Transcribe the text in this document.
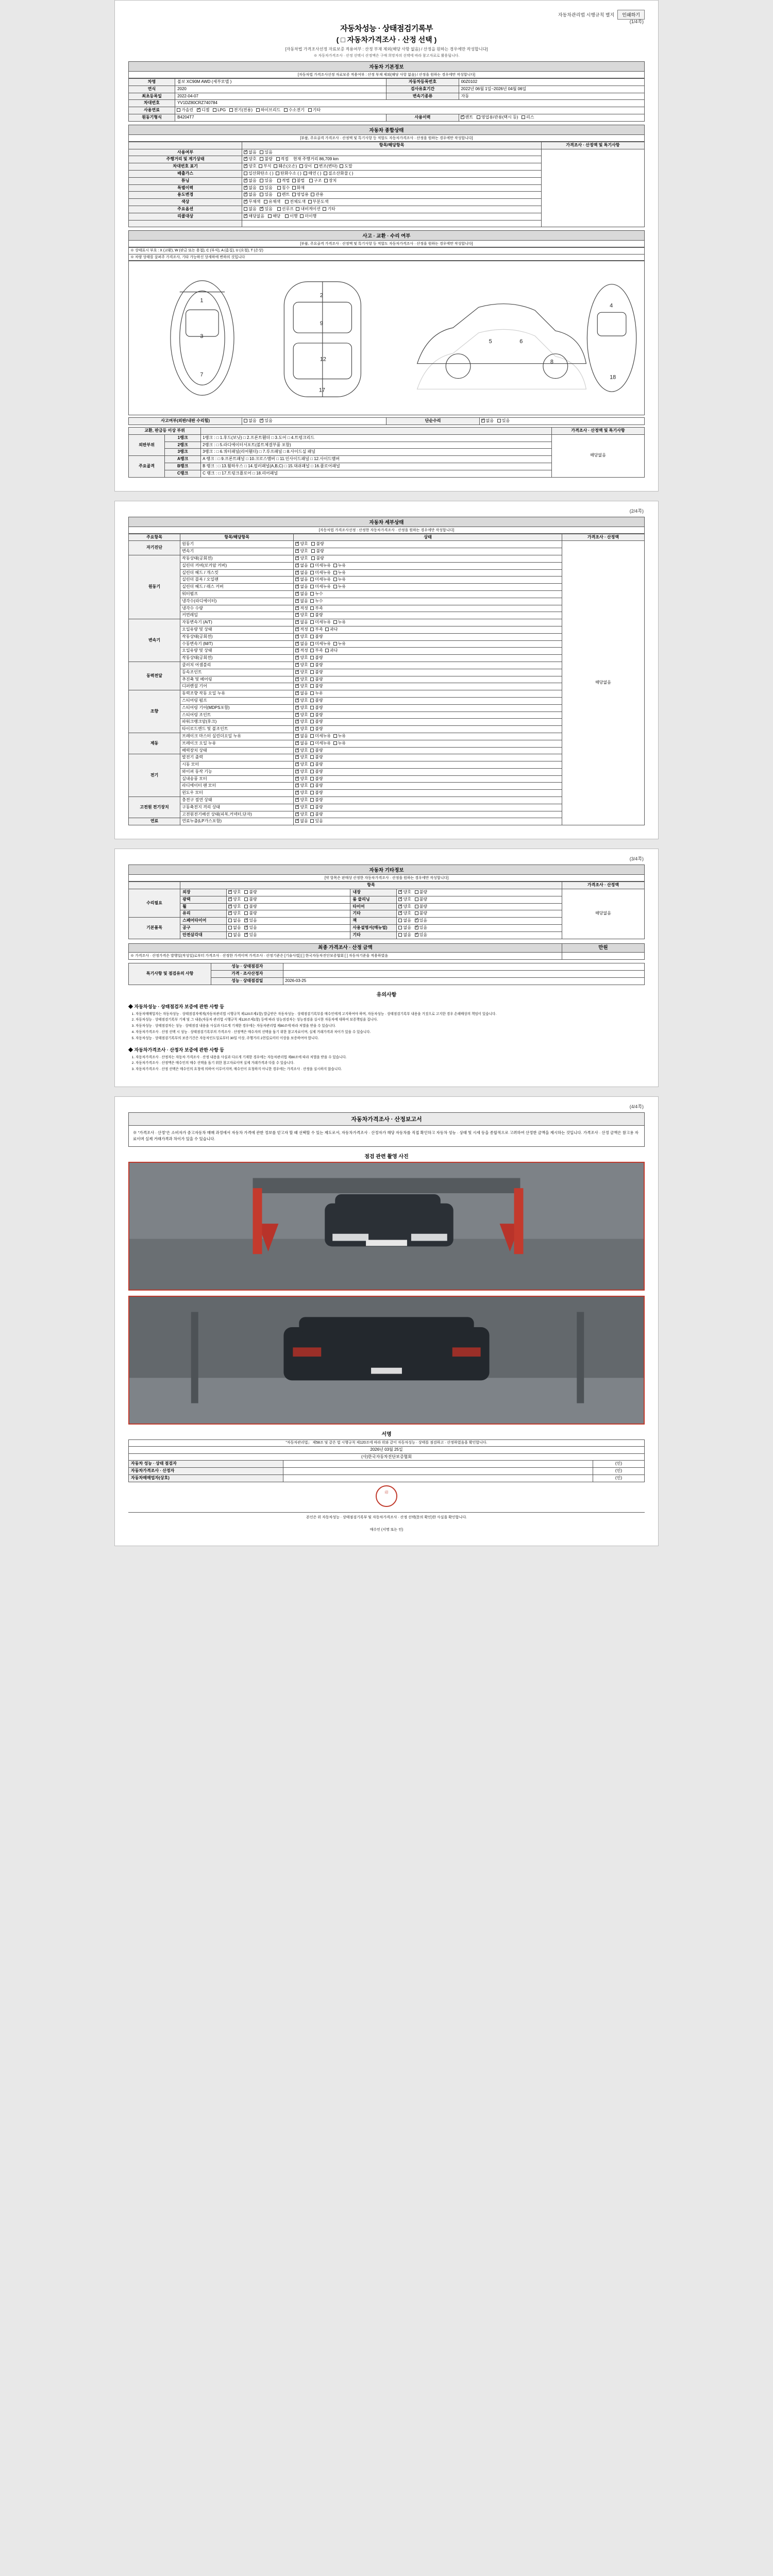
자동차관리법 시행규칙 별지	인쇄하기
(1/4쪽)
자동차성능 · 상태점검기록부
( □ 자동차가격조사 · 산정 선택 )
[자동차법 가격조사선정 자료보증 적용여부 : 산정 부재 제외(해당 사항 없음) / 산정을 원하는 경우에만 작성합니다]
※ 자동차가격조사 · 산정 선택시 산정액은 구매 희망자의 선택에 따라 참고자료로 활용됩니다.
자동차 기본정보
[자동차법 가격조사선정 자료보증 적용여부 : 산정 부재 제외(해당 사항 없음) / 산정을 원하는 경우에만 작성합니다]
차명	볼보 XC90M AWD (세부모델 )	자동차등록번호	00Z0102
연식	2020	검사유효기간	2022년 06월 1일~2026년 04월 06일
최초등록일	2022-04-07	변속기종류	자동
차대번호	YV1DZ80CRZ740784		
사용연료	가솔린 ✓ 디젤 LPG 전기(전용) 하이브리드 수소전기 기타
원동기형식	B4204T7	사용이력	✓렌트 영업용/관용(택시 등) 리스
자동차 종합상태
[부품, 주요골격 가격조사 · 산정액 및 특기사항 등 적합도 자동차가격조사 · 산정을 원하는 경우에만 작성합니다]
	항목/해당항목	가격조사 · 산정액 및 특기사항
사용여부	✓없음 있음	
주행거리 및 계기상태	✓양호 불량 적절 현재 주행거리 86,709 km
차대번호 표기	✓양호 부식 훼손(오손) 상이 변조(변타) 도말
배출가스	일산화탄소 ( ) 탄화수소 ( ) 매연 ( ) 질소산화물 ( )	
튜닝	✓없음 있음 적법 불법 구조 장치
특별이력	✓없음 있음 침수 화재
용도변경	✓없음 있음 렌트 영업용 관용
색상	✓무채색 유채색 전체도색 부분도색
주요옵션	없음 ✓ 있음 선루프 내비게이션 기타
리콜대상	✓해당없음 해당 이행 미이행

사고 · 교환 · 수리 여부
[부품, 주요골격 가격조사 · 산정액 및 특기사항 등 적합도 자동차가격조사 · 산정을 원하는 경우에만 작성합니다]
※ 상태표시 부호 : X (교환), W (판금 또는 용접), C (부식), A (흠집), U (요철), T (손상)
※ 차량 상태를 살펴주 가격조사, 기타 가능하신 상세하에 변하의 것입니다
1
3
7
2
9
12
17
5	6
8
4
18
사고여부(외판/내판 수리힘)	없음 ✓ 있음	단순수리	✓없음 있음
교환, 판금등 이상 부위			가격조사 · 산정액 및 특기사항
외판부위	1랭크	1랭크 : □ 1.후드(보닛) □ 2.프론트휀더 □ 3.도어 □ 4.트렁크리드	해당없음
	2랭크	2랭크 : □ 5.라디에이터서포트(볼트체결부품 포함)	
	3랭크	3랭크 : □ 6.쿼터패널(리어휀더) □ 7.루프패널 □ 8.사이드실 패널	
주요골격	A랭크	A 랭크 : □ 9.프론트패널 □ 10.크로스맴버 □ 11.인사이드패널 □ 12.사이드맴버	
	B랭크	B 랭크 : □ 13.휠하우스 □ 14.필러패널(A,B,C) □ 15.대쉬패널 □ 16.플로어패널	
	C랭크	C 랭크 : □ 17.트렁크플로어 □ 18.리어패널	
(2/4쪽)
자동차 세부상태
[자동차법 가격조사선정 : 산정한 자동차가격조사 · 산정을 원하는 경우에만 작성합니다]
주요항목	항목/해당항목	상태	가격조사 · 산정액
자기진단	원동기	✓양호 불량	해당없음
	변속기	✓양호 불량
원동기	작동상태(공회전)	✓양호 불량
	실린더 커버(로커암 커버)	✓없음 미세누유 누유
	실린더 헤드 / 개스킷	✓없음 미세누유 누유
	실린더 블록 / 오일팬	✓없음 미세누유 누유
	실린더 헤드 / 래스 커버	✓없음 미세누유 누유
	워터펌프	✓없음 누수
	냉각수(라디에이터)	✓없음 누수
	냉각수 수량	✓적정 부족
	커먼레일	✓양호 불량
변속기	자동변속기 (A/T)	✓없음 미세누유 누유
	오일유량 및 상태	✓적정 부족 과다
	작동상태(공회전)	✓양호 불량
	수동변속기 (M/T)	✓없음 미세누유 누유
	오일유량 및 상태	✓적정 부족 과다
	작동상태(공회전)	✓양호 불량
동력전달	클러치 어셈블리	✓양호 불량
	등속조인트	✓양호 불량
	추진축 및 베어링	✓양호 불량
	디퍼렌셜 기어	✓양호 불량
조향	동력조향 작동 오일 누유	✓없음 누유
	스티어링 펌프	✓양호 불량
	스티어링 기어(MDPS포함)	✓양호 불량
	스티어링 조인트	✓양호 불량
	파워크랭크암(후크)	✓양호 불량
	타이로드엔드 및 볼조인트	✓양호 불량
제동	브레이크 마스터 실린더오일 누유	✓없음 미세누유 누유
	브레이크 오일 누유	✓없음 미세누유 누유
	배력장치 상태	✓양호 불량
전기	발전기 출력	✓양호 불량
	시동 모터	✓양호 불량
	와이퍼 동작 기능	✓양호 불량
	실내송풍 모터	✓양호 불량
	라디에이터 팬 모터	✓양호 불량
	윈도우 모터	✓양호 불량
고전원 전기장치	충전구 절연 상태	✓양호 불량
	구동축전지 격리 상태	✓양호 불량
	고전원전기배선 상태(피복,커넥터,단자)	✓양호 불량
연료	연료누출(LP가스포함)	✓없음 있음
(3/4쪽)
자동차 기타정보
[약 항목은 판매상 산정한 자동차가격조사 · 산정을 원하는 경우에만 작성합니다]
	항목				가격조사 · 산정액
수리필요	외장	✓양호 불량	내장	✓양호 불량	해당없음
	광택	✓양호 불량	룸 클리닝	✓양호 불량
	휠	✓양호 불량	타이어	✓양호 불량
	유리	✓양호 불량	기타	✓양호 불량
기본품목	스페어타이어	없음 ✓ 있음	잭	없음 ✓ 있음
	공구	없음 ✓ 있음	사용설명서(매뉴얼)	없음 ✓ 있음
	안전삼각대	없음 ✓ 있음	기타	없음 ✓ 있음
최종 가격조사 · 산정 금액	만원
※ 가격조사 · 산정가격은 발행일(작성일)로부터 가격조사 · 산정한 가격이며 가격조사 · 산정기준은 [기술사법] [ ] 한국자동차진단보증협회 [ ] 자동차기준을 적용하였음	
특기사항 및 점검유의 사항	성능 · 상태점검자	
	가격 · 조사산정자	
	성능 · 상태점검일	2026-03-25
유의사항
◆ 자동차성능 · 상태점검자 보증에 관한 사항 등
1. 자동차매매업자는 자동차성능 · 상태점검자에게(자동차관리법 시행규칙 제120조제1항) 발급받은 자동차성능 · 상태점검기록부를 매수인에게 고지하여야 하며, 자동차성능 · 상태점검기록부 내용을 거짓으로 고지한 경우 손해배상의 책임이 있습니다.
2. 자동차성능 · 상태점검기록부 기재 및 그 내용(자동차 관리법 시행규칙 제120조제1항) 등에 따라 성능점검자는 성능점검을 실시한 자동차에 대하여 보증책임을 집니다.
3. 자동차성능 · 상태점검자는 성능 · 상태점검 내용을 사실과 다르게 기재한 경우에는 자동차관리법 제80조에 따라 처벌을 받을 수 있습니다.
4. 자동차가격조사 · 산정 선택 시 성능 · 상태점검기록부의 가격조사 · 산정액은 매수자의 선택을 돕기 위한 참고자료이며, 실제 거래가격과 차이가 있을 수 있습니다.
5. 자동차성능 · 상태점검기록부의 보증기간은 자동차인도일로부터 30일 이상, 주행거리 2천킬로미터 이상을 보증하여야 합니다.
◆ 자동차가격조사 · 산정자 보증에 관한 사항 등
1. 자동차가격조사 · 산정자는 자동차 가격조사 · 산정 내용을 사실과 다르게 기재한 경우에는 자동차관리법 제80조에 따라 처벌을 받을 수 있습니다.
2. 자동차가격조사 · 산정액은 매수인의 매수 선택을 돕기 위한 참고자료이며 실제 거래가격과 다를 수 있습니다.
3. 자동차가격조사 · 산정 선택은 매수인의 요청에 의하여 이루어지며, 매수인이 요청하지 아니한 경우에는 가격조사 · 산정을 실시하지 않습니다.
(4/4쪽)
자동차가격조사 · 산정보고서
※ "가격조사 · 산정"은 소비자가 중고자동차 매매 과정에서 자동차 가격에 관한 정보를 얻고자 할 때 선택할 수 있는 제도로서, 자동차가격조사 · 산정자가 해당 자동차를 직접 확인하고 자동차 성능 · 상태 및 시세 등을 종합적으로 고려하여 산정한 금액을 제시하는 것입니다. 가격조사 · 산정 금액은 참고용 자료이며 실제 거래가격과 차이가 있을 수 있습니다.
점검 관련 촬영 사진
서명
"자동차관리법」 제58조 및 같은 법 시행규칙 제120조에 따라 위와 같이 자동차성능 · 상태를 점검하고 · 산정하였음을 확인합니다.		
2026년 03월 25일		
(사)한국자동차진단보증협회		
자동차 성능 · 상태 점검자		(인)
자동차가격조사 · 산정자		(인)
자동차매매업자(상호)		(인)
印
본인은 위 자동차성능 · 상태점검기록부 및 자동차가격조사 · 산정 선택(문의 확인)한 사실을 확인합니다.
매수인 (서명 또는 인)
